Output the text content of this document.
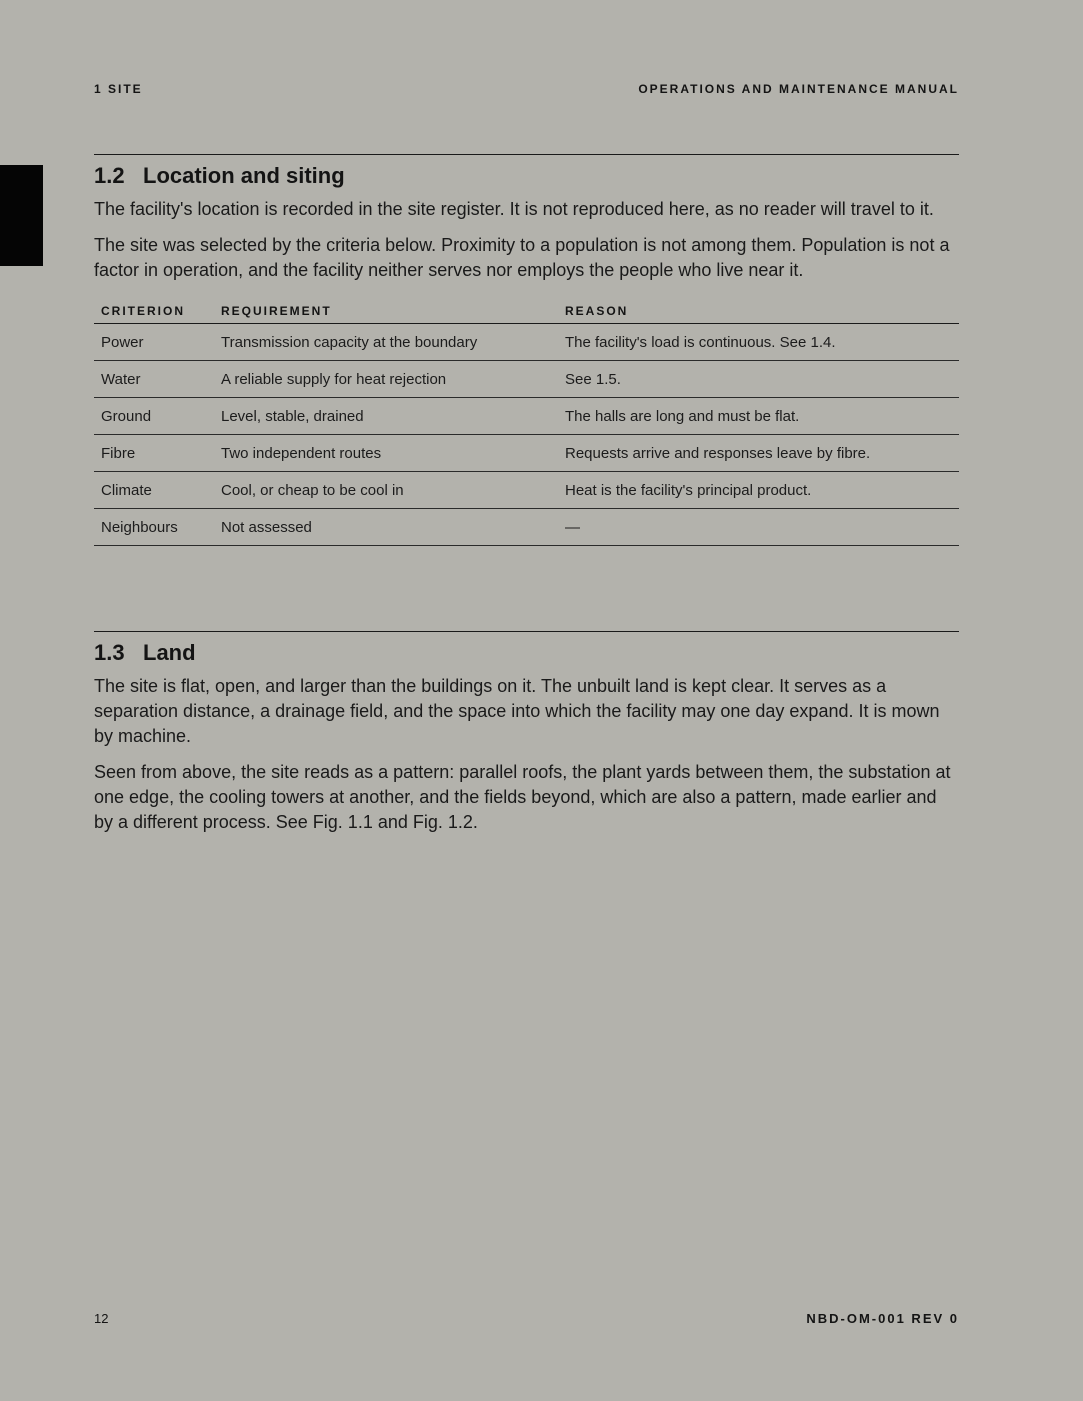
1 SITE	OPERATIONS AND MAINTENANCE MANUAL
1.2 Location and siting

The facility's location is recorded in the site register. It is not reproduced here, as no reader will travel to it.

The site was selected by the criteria below. Proximity to a population is not among them. Population is not a factor in operation, and the facility neither serves nor employs the people who live near it.

CRITERION	REQUIREMENT	REASON
Power	Transmission capacity at the boundary	The facility's load is continuous. See 1.4.
Water	A reliable supply for heat rejection	See 1.5.
Ground	Level, stable, drained	The halls are long and must be flat.
Fibre	Two independent routes	Requests arrive and responses leave by fibre.
Climate	Cool, or cheap to be cool in	Heat is the facility's principal product.
Neighbours	Not assessed	—
1.3 Land

The site is flat, open, and larger than the buildings on it. The unbuilt land is kept clear. It serves as a separation distance, a drainage field, and the space into which the facility may one day expand. It is mown by machine.

Seen from above, the site reads as a pattern: parallel roofs, the plant yards between them, the substation at one edge, the cooling towers at another, and the fields beyond, which are also a pattern, made earlier and by a different process. See Fig. 1.1 and Fig. 1.2.

12	NBD-OM-001 REV 0
